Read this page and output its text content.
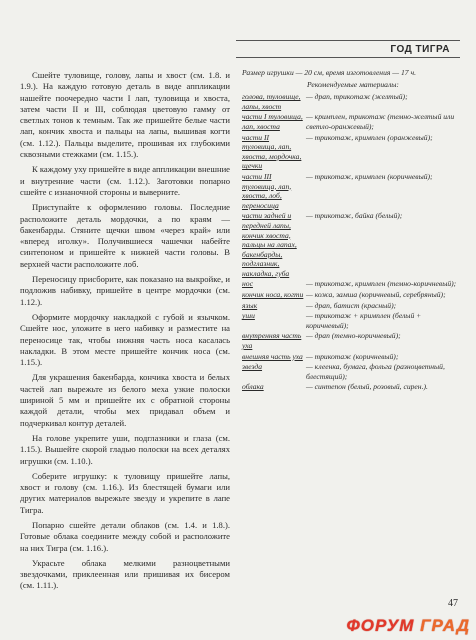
ГОД ТИГРА

Сшейте туловище, голову, лапы и хвост (см. 1.8. и 1.9.). На каждую готовую деталь в виде аппликации нашейте поочередно части I лап, туловища и хвоста, затем части II и III, соблюдая цветовую гамму от светлых тонов к темным. Так же пришейте белые части лап, кончик хвоста и пальцы на лапы, вышивая когти (см. 1.12.). Пальцы выделите, прошивая их глубокими сквозными стежками (см. 1.15.).

К каждому уху пришейте в виде аппликации внешние и внутренние части (см. 1.12.). Заготовки попарно сшейте с изнаночной стороны и выверните.

Приступайте к оформлению головы. Последние расположите деталь мордочки, а по краям — бакенбарды. Стяните щечки швом «через край» или «вперед иголку». Получившиеся чашечки набейте синтепоном и пришейте к нижней части головы. В верхней части расположите лоб.

Переносицу присборите, как показано на выкройке, и подложив набивку, пришейте в центре мордочки (см. 1.12.).

Оформите мордочку накладкой с губой и язычком. Сшейте нос, уложите в него набивку и разместите на переносице так, чтобы нижняя часть носа касалась накладки. В этом месте пришейте кончик носа (см. 1.15.).

Для украшения бакенбарда, кончика хвоста и белых частей лап вырежьте из белого меха узкие полоски шириной 5 мм и пришейте их с обратной стороны каждой детали, чтобы мех придавал объем и подчеркивал контур деталей.

На голове укрепите уши, подглазники и глаза (см. 1.15.). Вышейте скорой гладью полоски на всех деталях игрушки (см. 1.10.).

Соберите игрушку: к туловищу пришейте лапы, хвост и голову (см. 1.16.). Из блестящей бумаги или других материалов вырежьте звезду и укрепите в лапе Тигра.

Попарно сшейте детали облаков (см. 1.4. и 1.8.). Готовые облака соедините между собой и расположите на них Тигра (см. 1.16.).

Украсьте облака мелкими разноцветными звездочками, приклеенная или пришивая их бисером (см. 1.11.).

Размер игрушки — 20 см, время изготовления — 17 ч.
Рекомендуемые материалы:
голова, туловище, лапы, хвост
— драп, трикотаж (желтый);
части I туловища, лап, хвоста
— кримплен, трикотаж (темно-желтый или светло-оранжевый);
части II туловища, лап, хвоста, мордочка, щечки
— трикотаж, кримплен (оранжевый);
части III туловища, лап, хвоста, лоб, переносица
— трикотаж, кримплен (коричневый);
части задней и передней лапы, кончик хвоста, пальцы на лапах, бакенбарды, подглазник, накладка, губа
— трикотаж, байка (белый);
нос	— трикотаж, кримплен (темно-коричневый);
кончик носа, когти — кожа, замша (коричневый, серебряный);
язык	— драп, батист (красный);
уши	— трикотаж + кримплен (белый + коричневый);
внутренняя часть уха
— драп (темно-коричневый);
внешняя часть уха — трикотаж (коричневый);
звезда	— клеенка, бумага, фольга (разноцветный, блестящий);
облака	— синтепон (белый, розовый, сирен.).
47
ФОРУМ ГРАД
